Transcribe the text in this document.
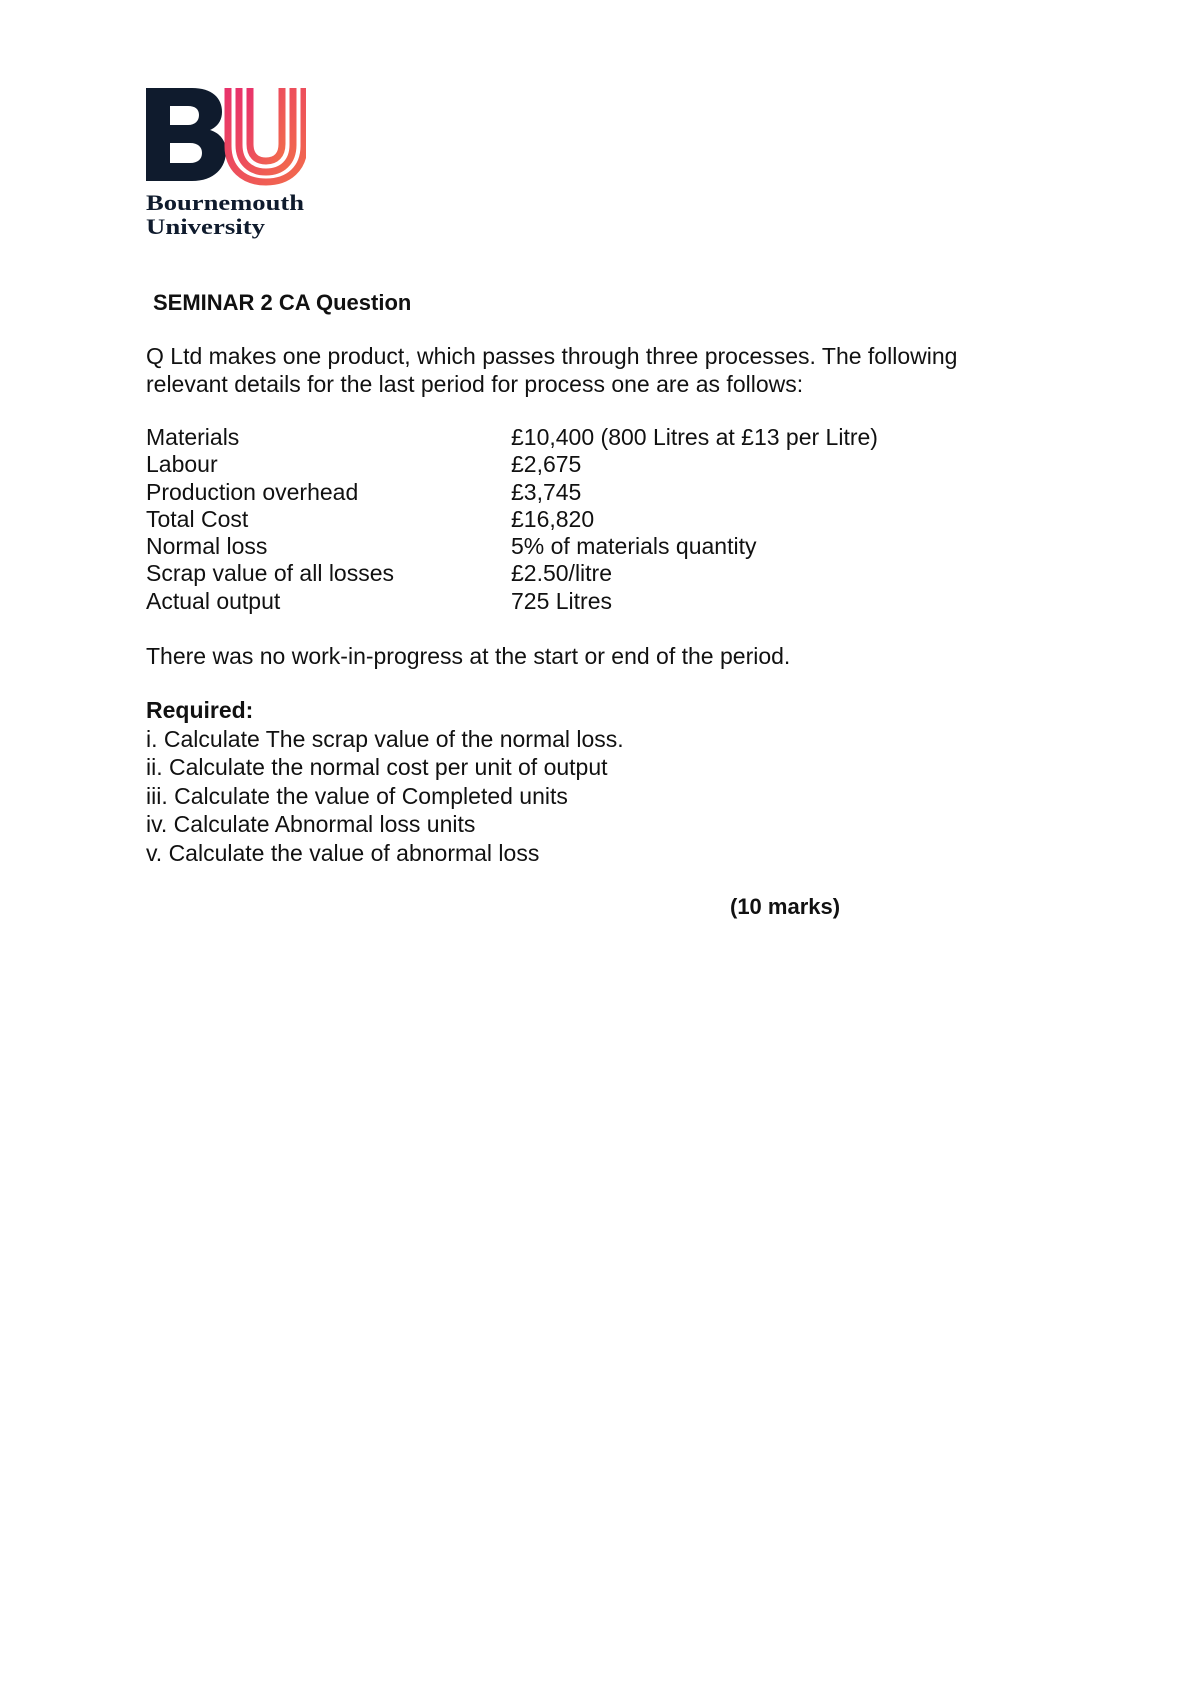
Bournemouth
University
SEMINAR 2 CA Question
Q Ltd makes one product, which passes through three processes. The following
relevant details for the last period for process one are as follows:
Materials	£10,400 (800 Litres at £13 per Litre)
Labour	£2,675
Production overhead	£3,745
Total Cost	£16,820
Normal loss	5% of materials quantity
Scrap value of all losses	£2.50/litre
Actual output	725 Litres
There was no work-in-progress at the start or end of the period.
Required:
i. Calculate The scrap value of the normal loss.
ii. Calculate the normal cost per unit of output
iii. Calculate the value of Completed units
iv. Calculate Abnormal loss units
v. Calculate the value of abnormal loss
(10 marks)
